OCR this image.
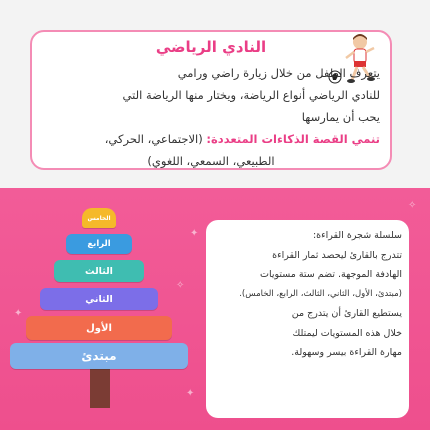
✦
✦
✧
✦
✧
النادي الرياضي
يتعرف الطفل من خلال زيارة راضي ورامي
للنادي الرياضي أنواع الرياضة، ويختار منها الرياضة التي
يحب أن يمارسها
تنمي القصة الذكاءات المتعددة: (الاجتماعي، الحركي،
الطبيعي، السمعي، اللغوي)
مبتدئ
الأول
الثاني
الثالث
الرابع
الخامس
سلسلة شجرة القراءة:
تتدرج بالقارئ ليحصد ثمار القراءة
الهادفة الموجهة. تضم ستة مستويات
(مبتدئ، الأول، الثاني، الثالث، الرابع، الخامس).
يستطيع القارئ أن يتدرج من
خلال هذه المستويات ليمتلك
مهارة القراءة بيسر وسهولة.
